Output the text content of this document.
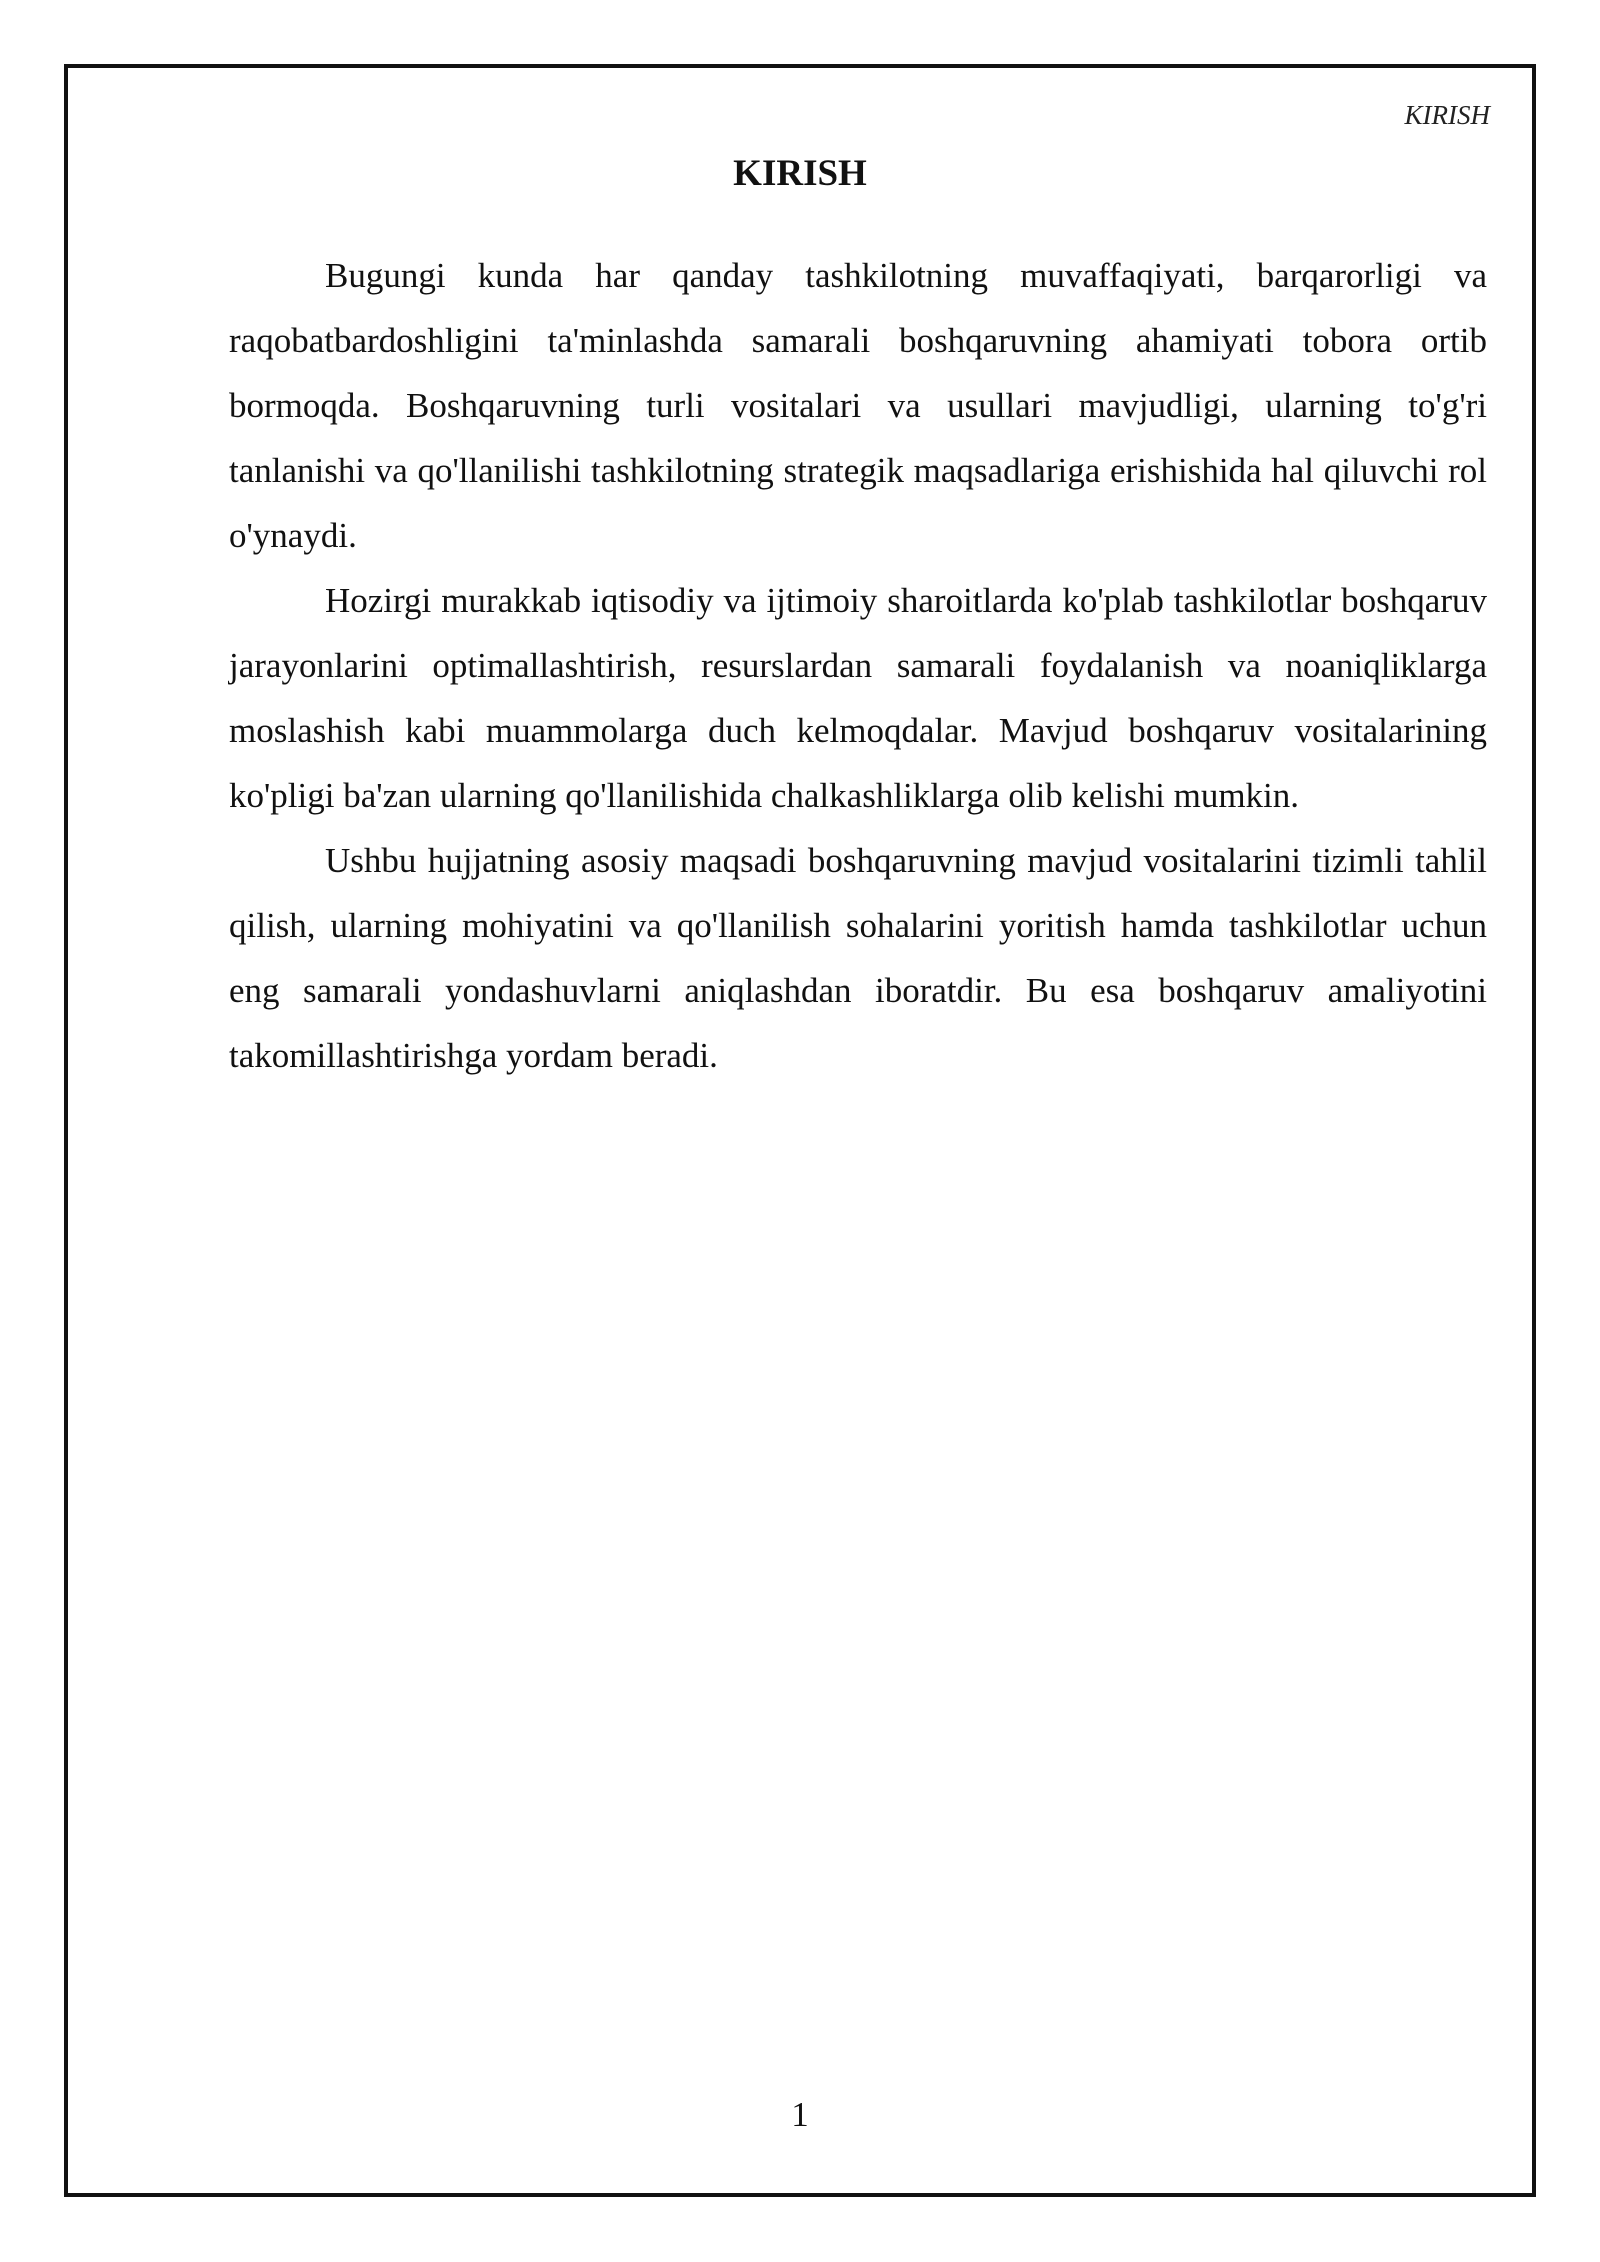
KIRISH
KIRISH

Bugungi kunda har qanday tashkilotning muvaffaqiyati, barqarorligi va raqobatbardoshligini ta'minlashda samarali boshqaruvning ahamiyati tobora ortib bormoqda. Boshqaruvning turli vositalari va usullari mavjudligi, ularning to'g'ri tanlanishi va qo'llanilishi tashkilotning strategik maqsadlariga erishishida hal qiluvchi rol o'ynaydi.

Hozirgi murakkab iqtisodiy va ijtimoiy sharoitlarda ko'plab tashkilotlar boshqaruv jarayonlarini optimallashtirish, resurslardan samarali foydalanish va noaniqliklarga moslashish kabi muammolarga duch kelmoqdalar. Mavjud boshqaruv vositalarining ko'pligi ba'zan ularning qo'llanilishida chalkashliklarga olib kelishi mumkin.

Ushbu hujjatning asosiy maqsadi boshqaruvning mavjud vositalarini tizimli tahlil qilish, ularning mohiyatini va qo'llanilish sohalarini yoritish hamda tashkilotlar uchun eng samarali yondashuvlarni aniqlashdan iboratdir. Bu esa boshqaruv amaliyotini takomillashtirishga yordam beradi.

1
